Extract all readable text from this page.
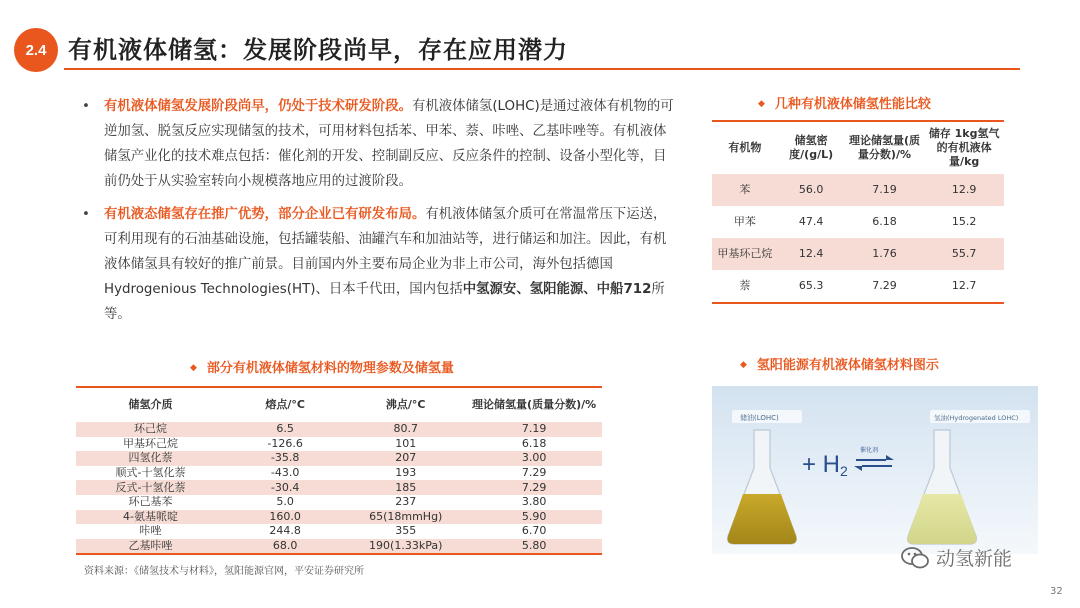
2.4 有机液体储氢：发展阶段尚早，存在应用潜力
• 有机液体储氢发展阶段尚早，仍处于技术研发阶段。有机液体储氢(LOHC)是通过液体有机物的可逆加氢、脱氢反应实现储氢的技术，可用材料包括苯、甲苯、萘、咔唑、乙基咔唑等。有机液体储氢产业化的技术难点包括：催化剂的开发、控制副反应、反应条件的控制、设备小型化等，目前仍处于从实验室转向小规模落地应用的过渡阶段。
• 有机液态储氢存在推广优势，部分企业已有研发布局。有机液体储氢介质可在常温常压下运送，可利用现有的石油基础设施，包括罐装船、油罐汽车和加油站等，进行储运和加注。因此，有机液体储氢具有较好的推广前景。目前国内外主要布局企业为非上市公司，海外包括德国Hydrogenious Technologies(HT)、日本千代田，国内包括中氢源安、氢阳能源、中船712所等。
◆ 部分有机液体储氢材料的物理参数及储氢量
储氢介质	熔点/°C	沸点/°C	理论储氢量(质量分数)/%
环己烷	6.5	80.7	7.19
甲基环己烷	-126.6	101	6.18
四氢化萘	-35.8	207	3.00
顺式-十氢化萘	-43.0	193	7.29
反式-十氢化萘	-30.4	185	7.29
环己基苯	5.0	237	3.80
4-氨基哌啶	160.0	65(18mmHg)	5.90
咔唑	244.8	355	6.70
乙基咔唑	68.0	190(1.33kPa)	5.80
◆ 几种有机液体储氢性能比较
有机物	储氢密度/(g/L)	理论储氢量(质量分数)/%	储存 1kg氢气的有机液体量/kg
苯	56.0	7.19	12.9
甲苯	47.4	6.18	15.2
甲基环己烷	12.4	1.76	55.7
萘	65.3	7.29	12.7
◆ 氢阳能源有机液体储氢材料图示
储油(LOHC)	氢油(Hydrogenated LOHC)
+ H2
催化剂
资料来源：《储氢技术与材料》，氢阳能源官网，平安证券研究所
动氢新能
32
